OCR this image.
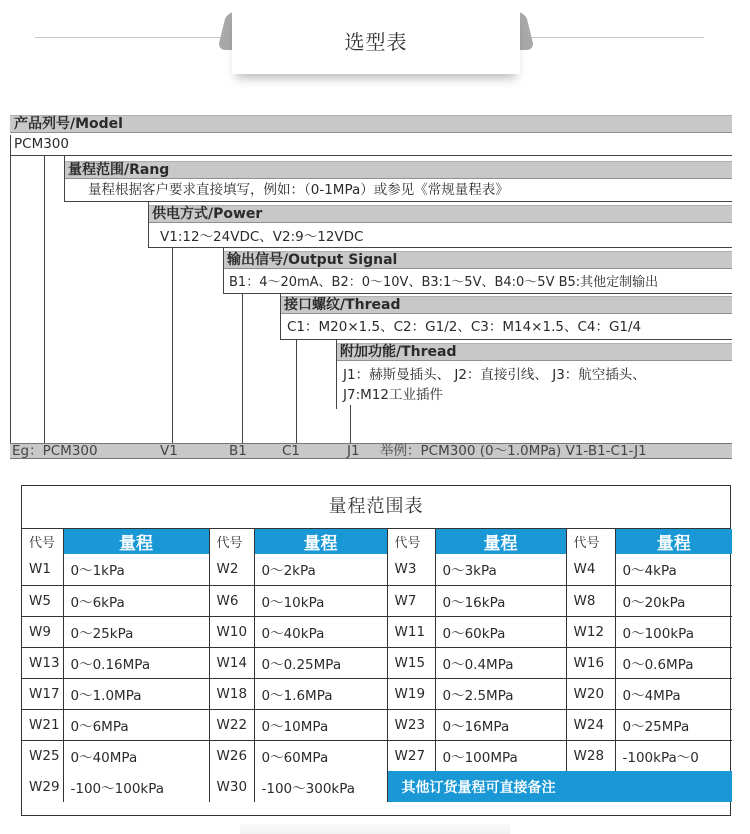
选型表
产品列号/Model
PCM300
量程范围/Rang
量程根据客户要求直接填写，例如：（0-1MPa）或参见《常规量程表》
供电方式/Power
V1:12～24VDC、V2:9～12VDC
输出信号/Output Signal
B1：4～20mA、B2：0～10V、B3:1～5V、B4:0～5V B5:其他定制输出
接口螺纹/Thread
C1：M20×1.5、C2：G1/2、C3：M14×1.5、C4：G1/4
附加功能/Thread
J1：赫斯曼插头、 J2：直接引线、 J3：航空插头、
J7:M12工业插件
Eg：PCM300	V1	B1	C1	J1 举例：PCM300 (0～1.0MPa) V1-B1-C1-J1
量程范围表
代号	量程	代号	量程	代号	量程	代号	量程
W1	0～1kPa	W2	0～2kPa	W3	0～3kPa	W4	0～4kPa
W5	0～6kPa	W6	0～10kPa	W7	0～16kPa	W8	0～20kPa
W9	0～25kPa	W10	0～40kPa	W11	0～60kPa	W12	0～100kPa
W13	0～0.16MPa	W14	0～0.25MPa	W15	0～0.4MPa	W16	0～0.6MPa
W17	0～1.0MPa	W18	0～1.6MPa	W19	0～2.5MPa	W20	0～4MPa
W21	0～6MPa	W22	0～10MPa	W23	0～16MPa	W24	0～25MPa
W25	0～40MPa	W26	0～60MPa	W27	0～100MPa	W28	-100kPa～0
W29	-100～100kPa	W30	-100～300kPa	其他订货量程可直接备注			
